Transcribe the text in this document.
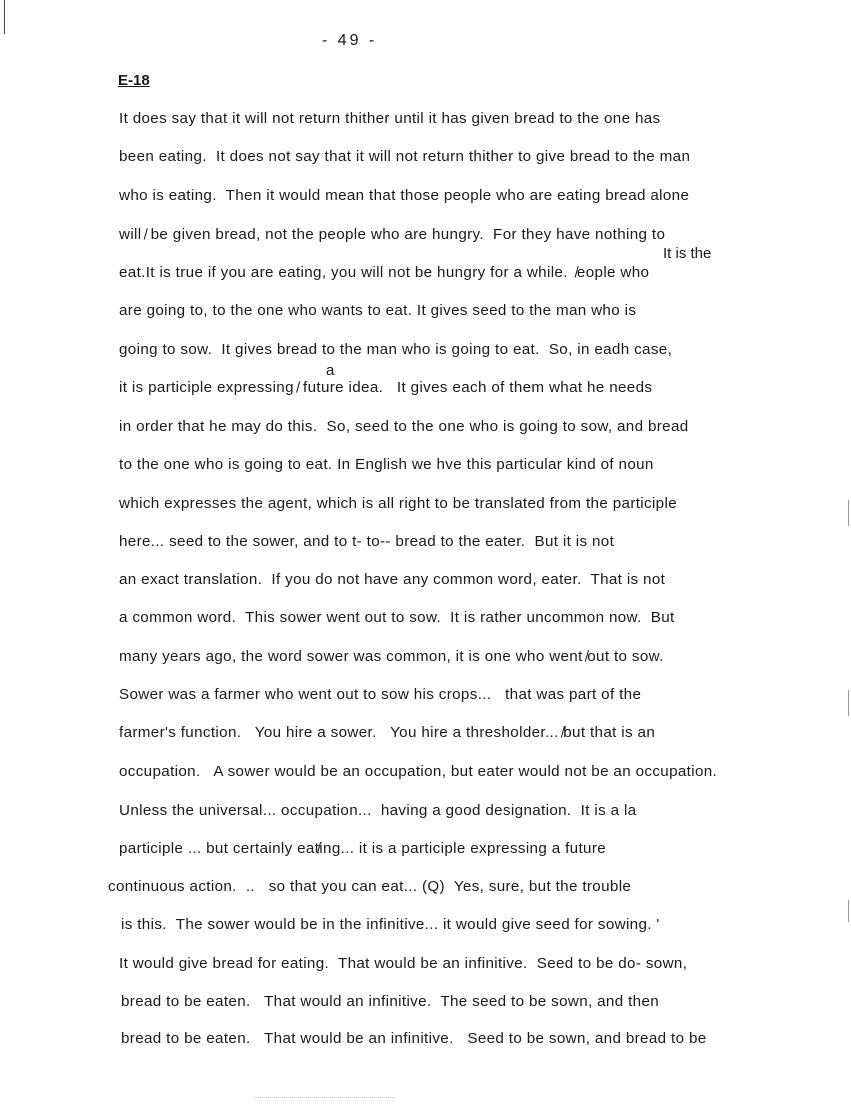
- 49 -
E-18
It is the
a
It does say that it will not return thither until it has given bread to the one has
been eating.  It does not say that it will not return thither to give bread to the man
who is eating.  Then it would mean that those people who are eating bread alone
will ̸ be given bread, not the people who are hungry.  For they have nothing to
eat.It is true if you are eating, you will not be hungry for a while.  ̸eople who
are going to, to the one who wants to eat. It gives seed to the man who is
going to sow.  It gives bread to the man who is going to eat.  So, in eadh case,
it is participle expressing ̸ future idea.   It gives each of them what he needs
in order that he may do this.  So, seed to the one who is going to sow, and bread
to the one who is going to eat. In English we hve this particular kind of noun
which expresses the agent, which is all right to be translated from the participle
here... seed to the sower, and to t- to-- bread to the eater.  But it is not
an exact translation.  If you do not have any common word, eater.  That is not
a common word.  This sower went out to sow.  It is rather uncommon now.  But
many years ago, the word sower was common, it is one who went ̸out to sow.
Sower was a farmer who went out to sow his crops...   that was part of the
farmer's function.   You hire a sower.   You hire a thresholder... ̸but that is an
occupation.   A sower would be an occupation, but eater would not be an occupation.
Unless the universal... occupation...  having a good designation.  It is a la
participle ... but certainly eat̸ing... it is a participle expressing a future
continuous action.  ..   so that you can eat... (Q)  Yes, sure, but the trouble
is this.  The sower would be in the infinitive... it would give seed for sowing. '
It would give bread for eating.  That would be an infinitive.  Seed to be do- sown,
bread to be eaten.   That would an infinitive.  The seed to be sown, and then
bread to be eaten.   That would be an infinitive.   Seed to be sown, and bread to be
